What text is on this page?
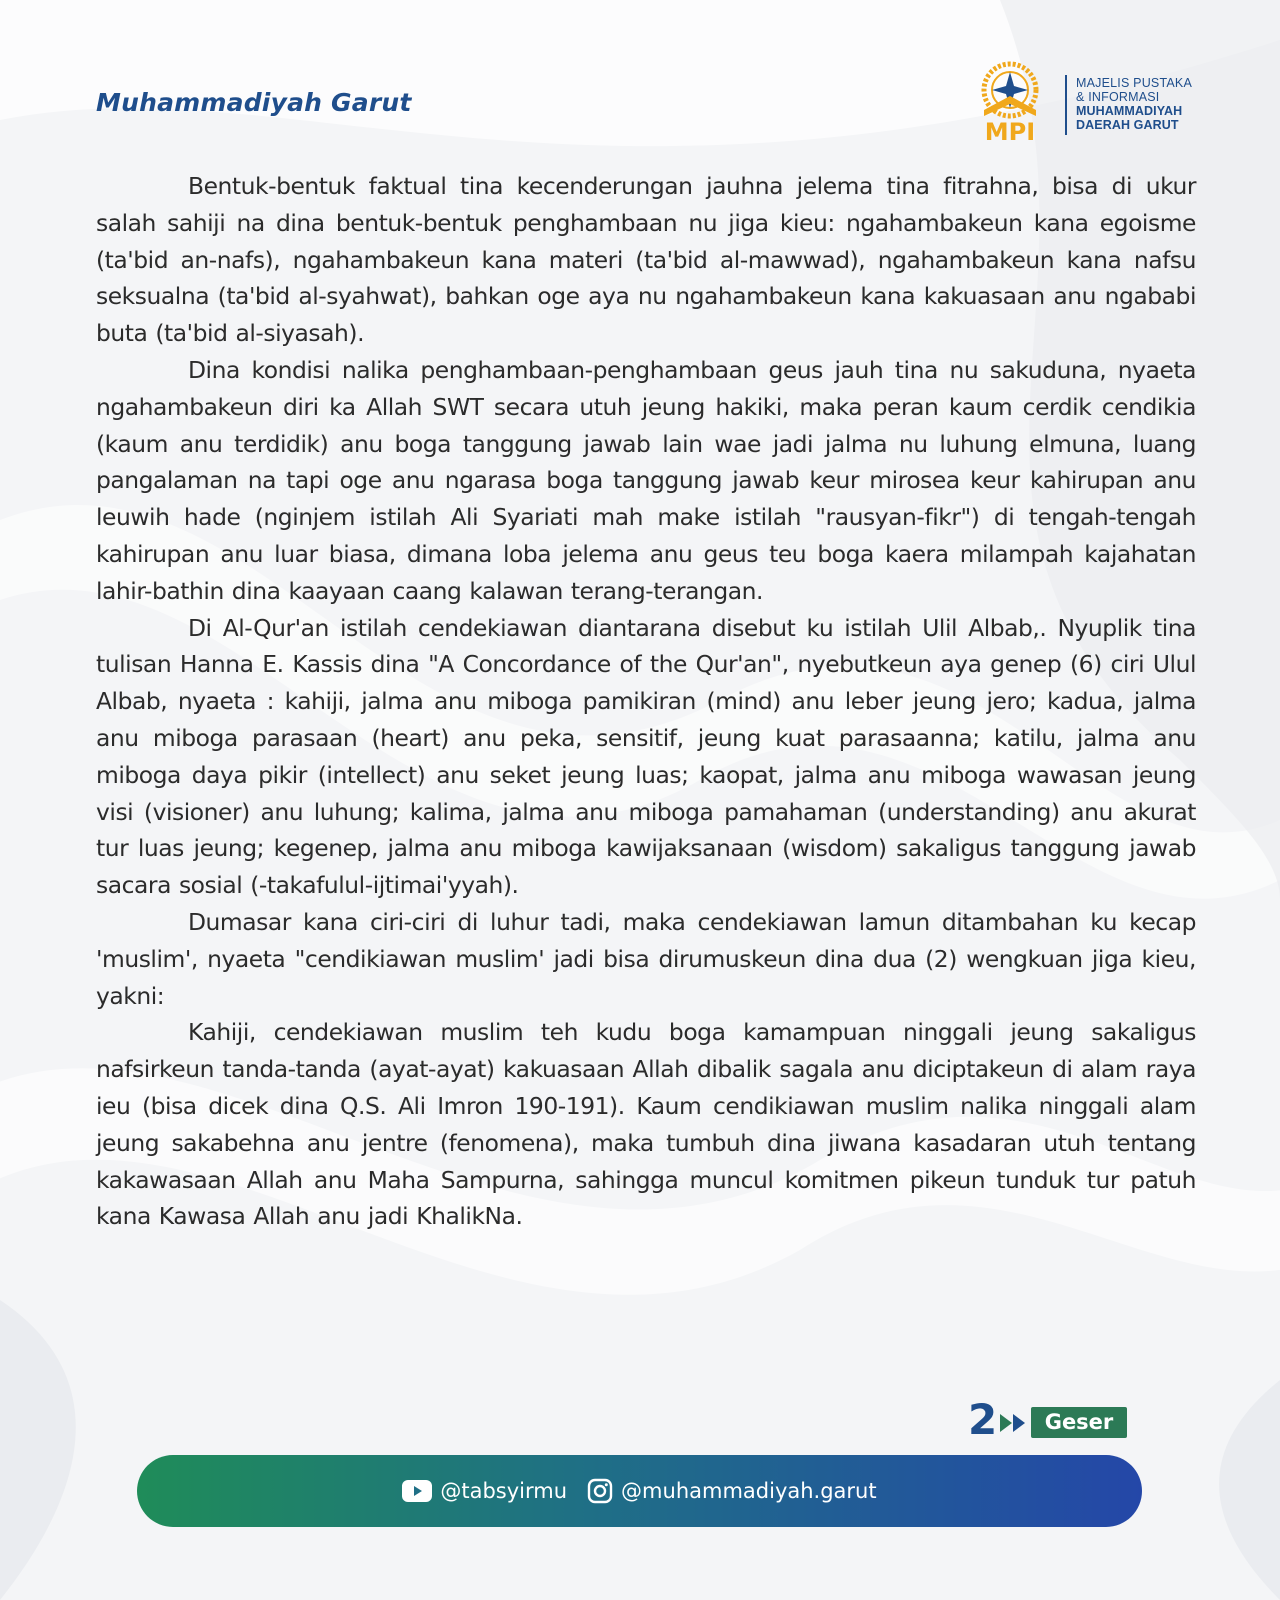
Muhammadiyah Garut
MPI
MAJELIS PUSTAKA
& INFORMASI
MUHAMMADIYAH
DAERAH GARUT

Bentuk-bentuk faktual tina kecenderungan jauhna jelema tina fitrahna, bisa di ukur salah sahiji na dina bentuk-bentuk penghambaan nu jiga kieu: ngahambakeun kana egoisme (ta'bid an-nafs), ngahambakeun kana materi (ta'bid al-mawwad), ngahambakeun kana nafsu seksualna (ta'bid al-syahwat), bahkan oge aya nu ngahambakeun kana kakuasaan anu ngababi buta (ta'bid al-siyasah).

Dina kondisi nalika penghambaan-penghambaan geus jauh tina nu sakuduna, nyaeta ngahambakeun diri ka Allah SWT secara utuh jeung hakiki, maka peran kaum cerdik cendikia (kaum anu terdidik) anu boga tanggung jawab lain wae jadi jalma nu luhung elmuna, luang pangalaman na tapi oge anu ngarasa boga tanggung jawab keur mirosea keur kahirupan anu leuwih hade (nginjem istilah Ali Syariati mah make istilah "rausyan-fikr") di tengah-tengah kahirupan anu luar biasa, dimana loba jelema anu geus teu boga kaera milampah kajahatan lahir-bathin dina kaayaan caang kalawan terang-terangan.

Di Al-Qur'an istilah cendekiawan diantarana disebut ku istilah Ulil Albab,. Nyuplik tina tulisan Hanna E. Kassis dina "A Concordance of the Qur'an", nyebutkeun aya genep (6) ciri Ulul Albab, nyaeta : kahiji, jalma anu miboga pamikiran (mind) anu leber jeung jero; kadua, jalma anu miboga parasaan (heart) anu peka, sensitif, jeung kuat parasaanna; katilu, jalma anu miboga daya pikir (intellect) anu seket jeung luas; kaopat, jalma anu miboga wawasan jeung visi (visioner) anu luhung; kalima, jalma anu miboga pamahaman (understanding) anu akurat tur luas jeung; kegenep, jalma anu miboga kawijaksanaan (wisdom) sakaligus tanggung jawab sacara sosial (-takafulul-ijtimai'yyah).

Dumasar kana ciri-ciri di luhur tadi, maka cendekiawan lamun ditambahan ku kecap 'muslim', nyaeta "cendikiawan muslim' jadi bisa dirumuskeun dina dua (2) wengkuan jiga kieu, yakni:

Kahiji, cendekiawan muslim teh kudu boga kamampuan ninggali jeung sakaligus nafsirkeun tanda-tanda (ayat-ayat) kakuasaan Allah dibalik sagala anu diciptakeun di alam raya ieu (bisa dicek dina Q.S. Ali Imron 190-191). Kaum cendikiawan muslim nalika ninggali alam jeung sakabehna anu jentre (fenomena), maka tumbuh dina jiwana kasadaran utuh tentang kakawasaan Allah anu Maha Sampurna, sahingga muncul komitmen pikeun tunduk tur patuh kana Kawasa Allah anu jadi KhalikNa.

2	Geser
@tabsyirmu	@muhammadiyah.garut
